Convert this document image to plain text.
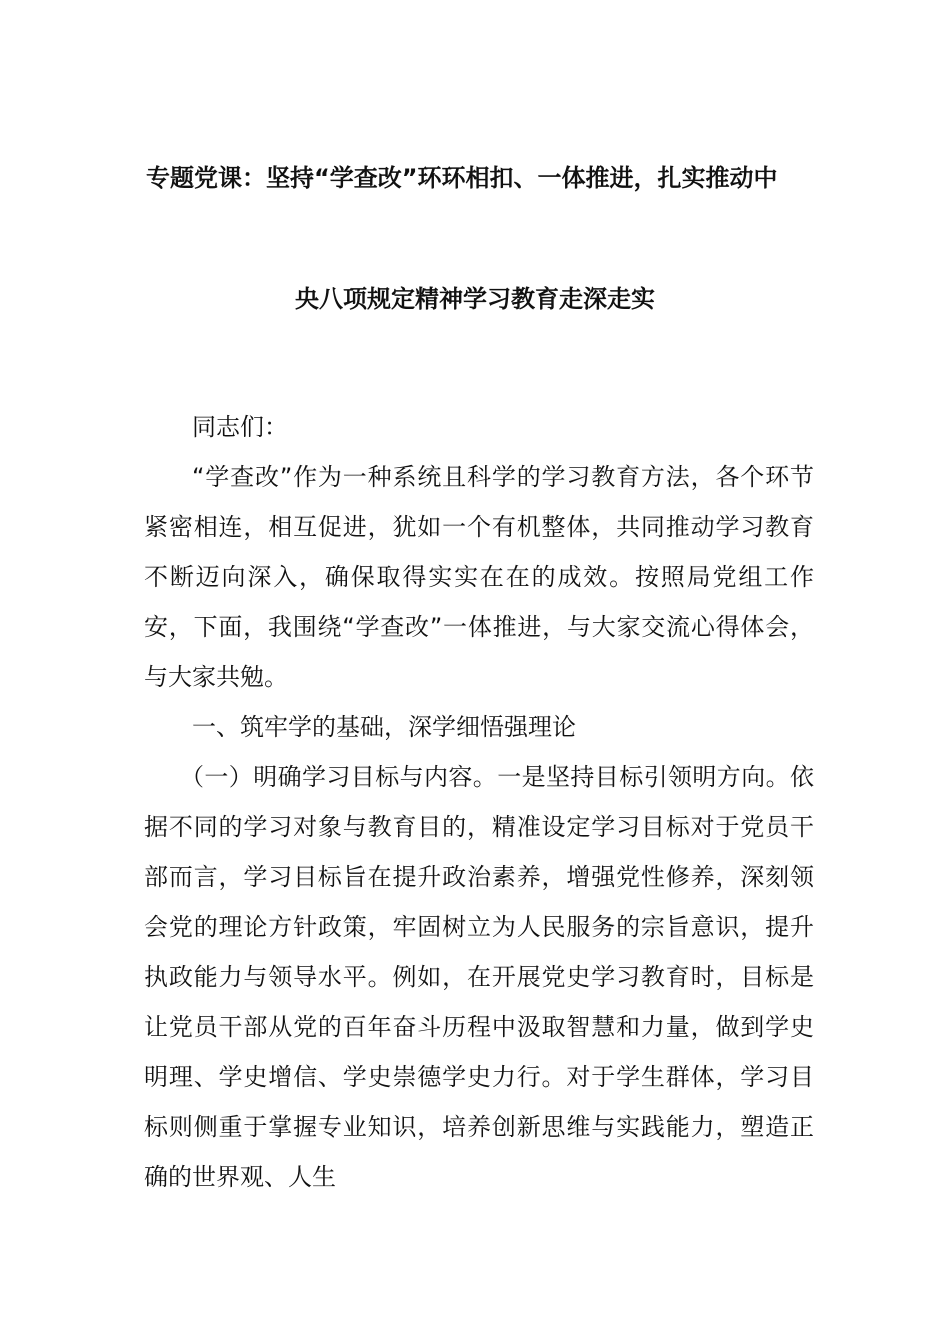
专题党课：坚持“学查改”环环相扣、一体推进，扎实推动中
央八项规定精神学习教育走深走实

同志们：

“学查改”作为一种系统且科学的学习教育方法，各个环节紧密相连，相互促进，犹如一个有机整体，共同推动学习教育不断迈向深入，确保取得实实在在的成效。按照局党组工作安，下面，我围绕“学查改”一体推进，与大家交流心得体会，与大家共勉。

一、筑牢学的基础，深学细悟强理论

（一）明确学习目标与内容。一是坚持目标引领明方向。依据不同的学习对象与教育目的，精准设定学习目标对于党员干部而言，学习目标旨在提升政治素养，增强党性修养，深刻领会党的理论方针政策，牢固树立为人民服务的宗旨意识，提升执政能力与领导水平。例如，在开展党史学习教育时，目标是让党员干部从党的百年奋斗历程中汲取智慧和力量，做到学史明理、学史增信、学史崇德学史力行。对于学生群体，学习目标则侧重于掌握专业知识，培养创新思维与实践能力，塑造正确的世界观、人生
